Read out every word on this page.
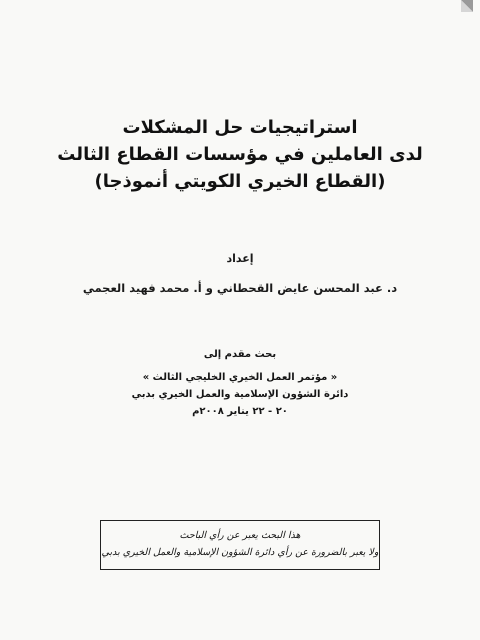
استراتيجيات حل المشكلات
لدى العاملين في مؤسسات القطاع الثالث
(القطاع الخيري الكويتي أنموذجا)
إعداد
د. عبد المحسن عايض القحطاني و أ. محمد فهيد العجمي
بحث مقدم إلى
« مؤتمر العمل الخيري الخليجي الثالث »
دائرة الشؤون الإسلامية والعمل الخيري بدبي
٢٠ - ٢٢ يناير ٢٠٠٨م
هذا البحث يعبر عن رأي الباحث
ولا يعبر بالضرورة عن رأي دائرة الشؤون الإسلامية والعمل الخيري بدبي
